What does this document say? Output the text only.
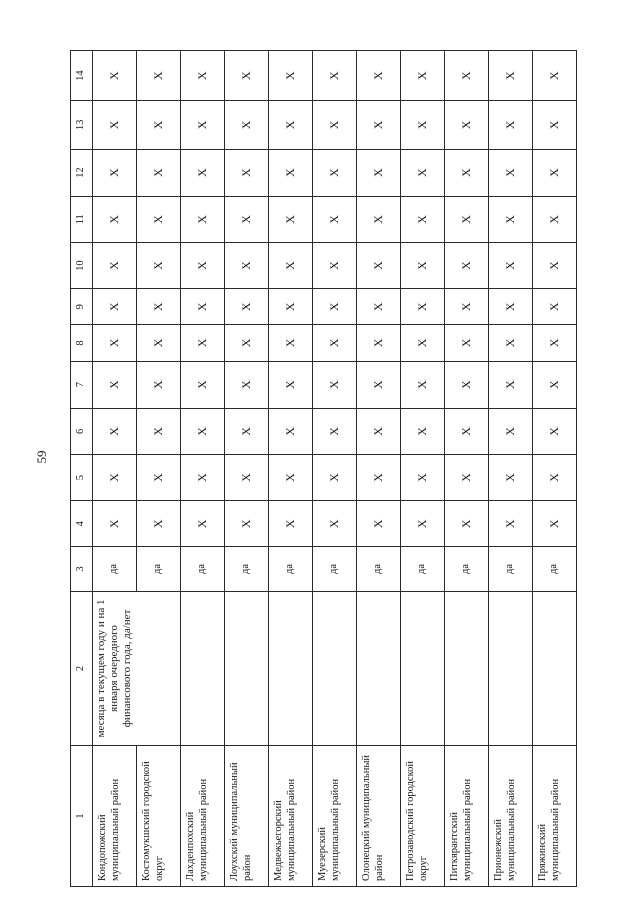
59
1	2	3	4	5	6	7	8	9	10	11	12	13	14
Кондопожский муниципальный район	месяца в текущем году и на 1 января очередного финансового года, да/нет	да	X	X	X	X	X	X	X	X	X	X	X
Костомукшский городской округ		да	X	X	X	X	X	X	X	X	X	X	X
Лахденпохский муниципальный район		да	X	X	X	X	X	X	X	X	X	X	X
Лоухский муниципальный район		да	X	X	X	X	X	X	X	X	X	X	X
Медвежьегорский муниципальный район		да	X	X	X	X	X	X	X	X	X	X	X
Муезерский муниципальный район		да	X	X	X	X	X	X	X	X	X	X	X
Олонецкий муниципальный район		да	X	X	X	X	X	X	X	X	X	X	X
Петрозаводский городской округ		да	X	X	X	X	X	X	X	X	X	X	X
Питкярантский муниципальный район		да	X	X	X	X	X	X	X	X	X	X	X
Прионежский муниципальный район		да	X	X	X	X	X	X	X	X	X	X	X
Пряжинский муниципальный район		да	X	X	X	X	X	X	X	X	X	X	X
